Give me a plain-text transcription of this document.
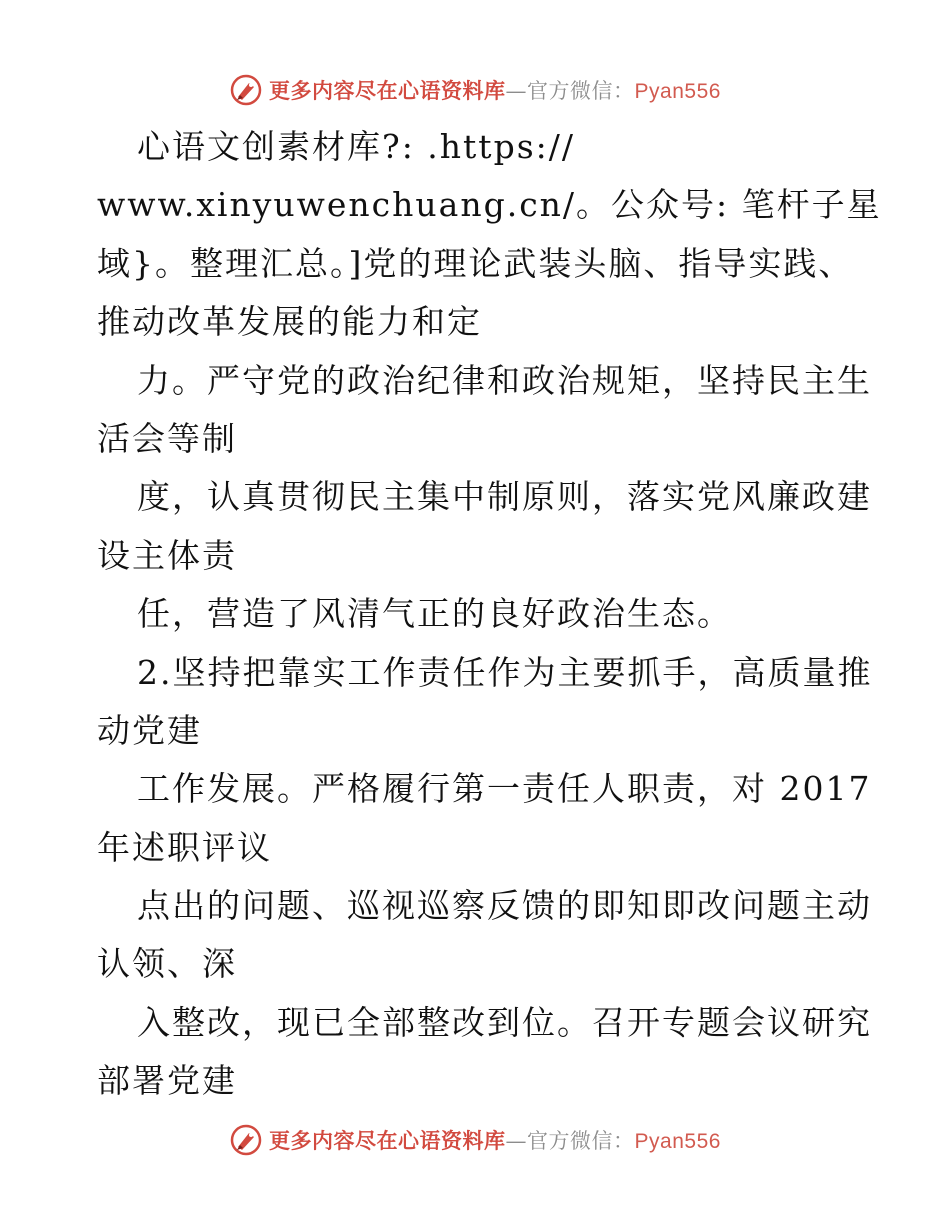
更多内容尽在心语资料库—官方微信：Pyan556
心语文创素材库?: .https://
www.xinyuwenchuang.cn/。公众号: 笔杆子星
域}。整理汇总。]党的理论武装头脑、指导实践、
推动改革发展的能力和定
力。严守党的政治纪律和政治规矩，坚持民主生
活会等制
度，认真贯彻民主集中制原则，落实党风廉政建
设主体责
任，营造了风清气正的良好政治生态。
2.坚持把靠实工作责任作为主要抓手，高质量推
动党建
工作发展。严格履行第一责任人职责，对 2017
年述职评议
点出的问题、巡视巡察反馈的即知即改问题主动
认领、深
入整改，现已全部整改到位。召开专题会议研究
部署党建
更多内容尽在心语资料库—官方微信：Pyan556
